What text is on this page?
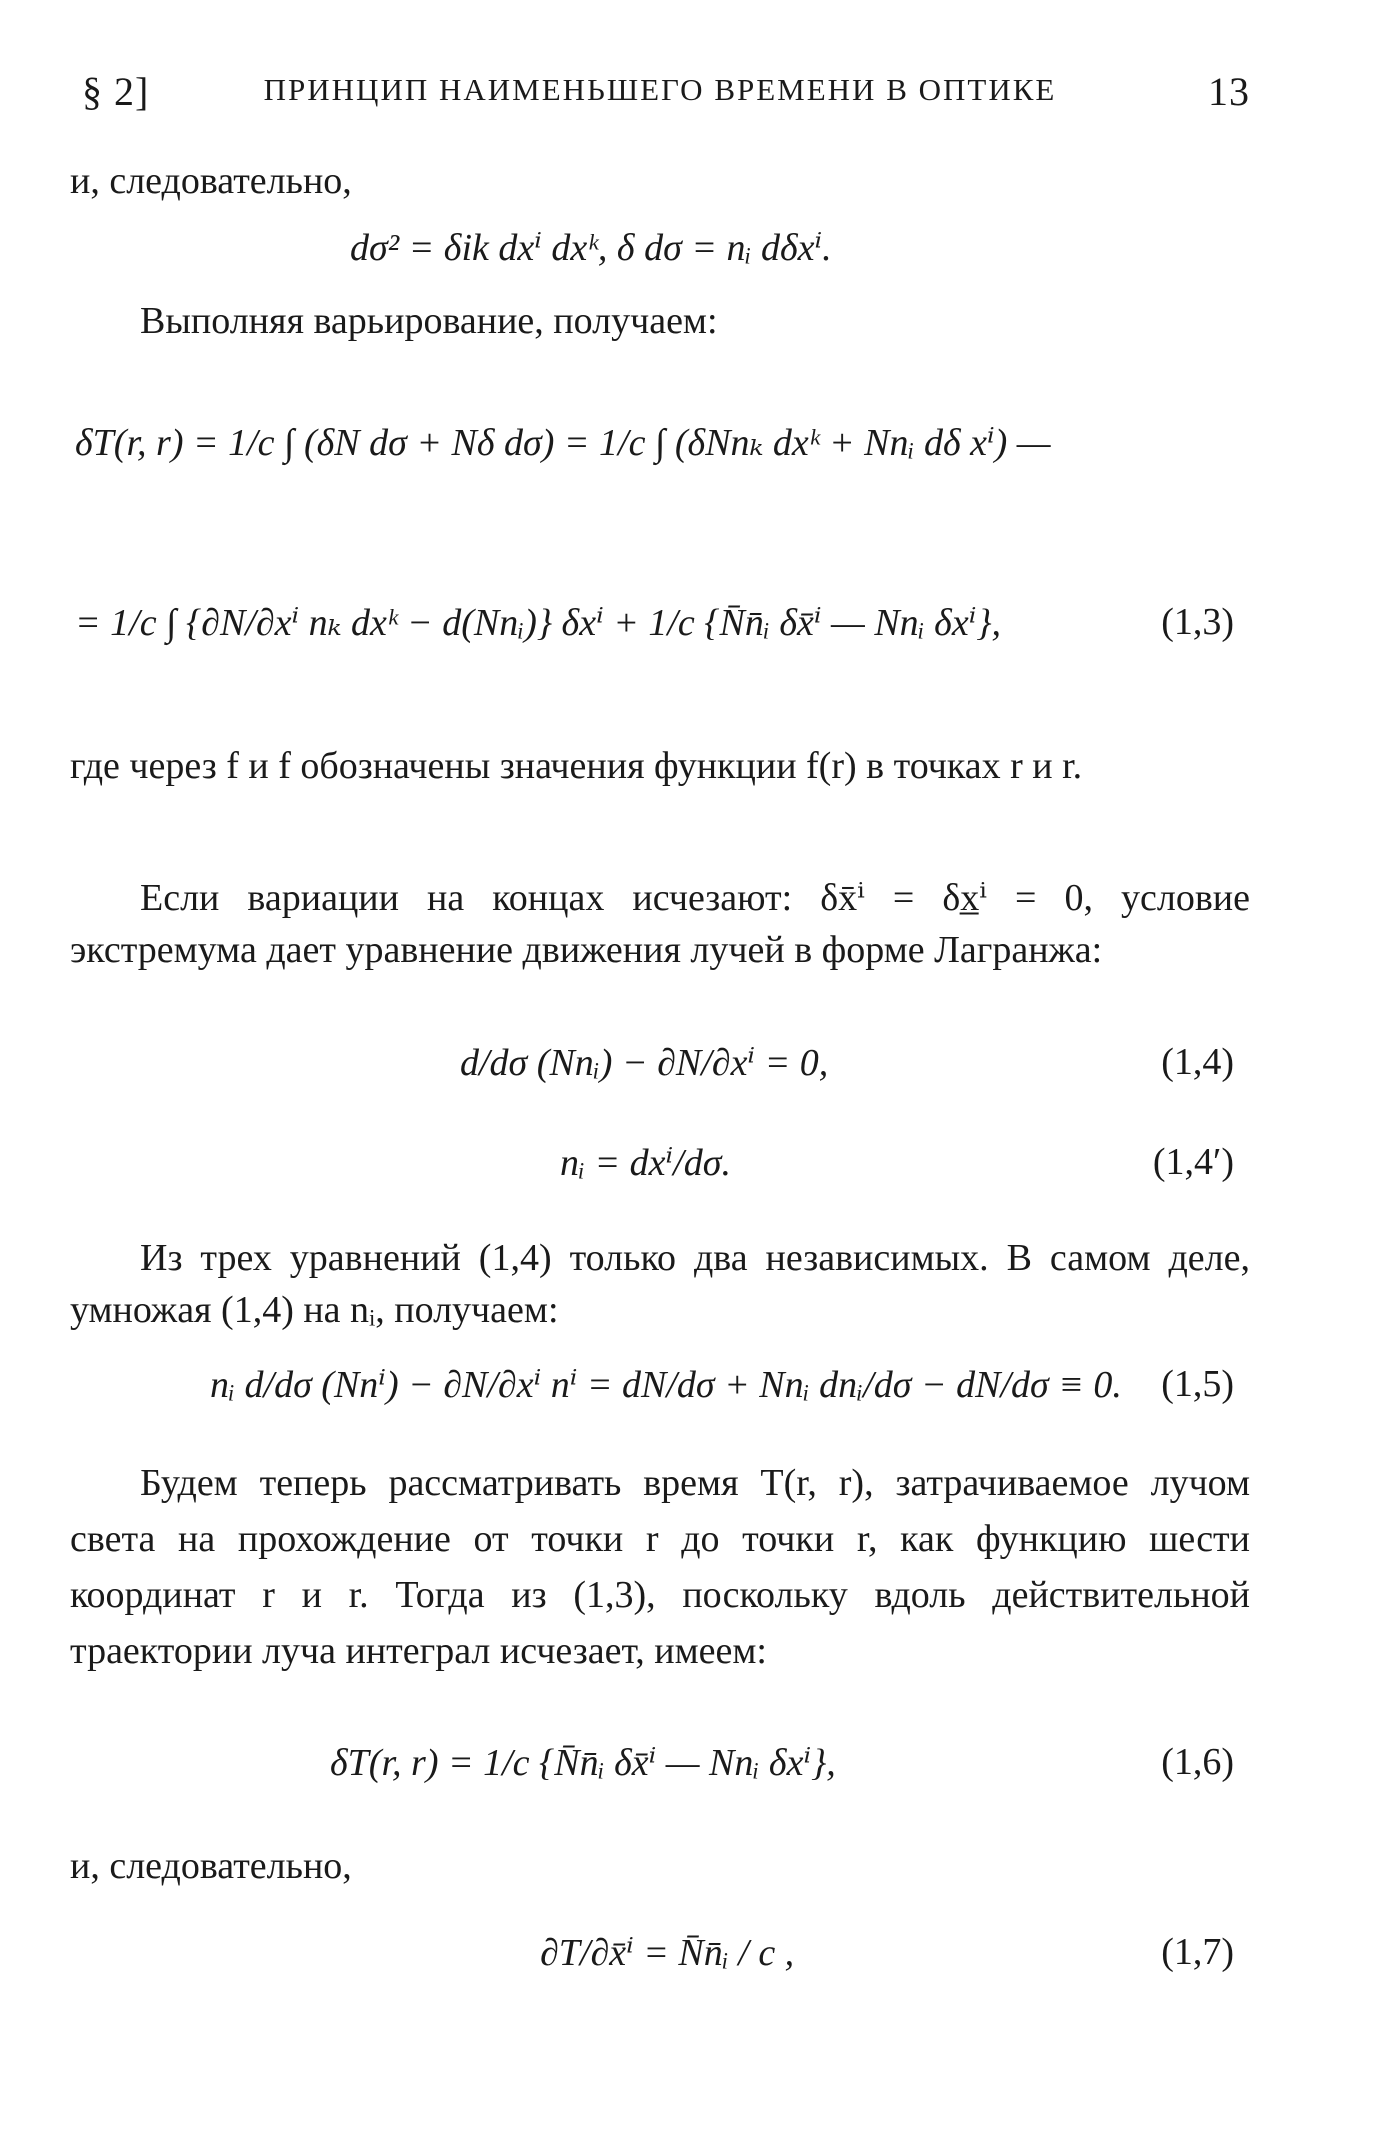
§ 2]	ПРИНЦИП НАИМЕНЬШЕГО ВРЕМЕНИ В ОПТИКЕ	13
и, следовательно,
dσ² = δik dxⁱ dxᵏ, δ dσ = nᵢ dδxⁱ.
Выполняя варьирование, получаем:
δT(r, r) = 1/c ∫ (δN dσ + Nδ dσ) = 1/c ∫ (δNnₖ dxᵏ + Nnᵢ dδ xⁱ) —
= 1/c ∫ {∂N/∂xⁱ nₖ dxᵏ − d(Nnᵢ)} δxⁱ + 1/c {N̄n̄ᵢ δx̄ⁱ — Nnᵢ δxⁱ},	(1,3)
где через f и f обозначены значения функции f(r) в точках r и r.
Если вариации на концах исчезают: δx̄ⁱ = δx̲ⁱ = 0, условие экстремума дает уравнение движения лучей в форме Лагранжа:
d/dσ (Nnᵢ) − ∂N/∂xⁱ = 0,	(1,4)
nᵢ = dxⁱ/dσ.	(1,4′)
Из трех уравнений (1,4) только два независимых. В самом деле, умножая (1,4) на nᵢ, получаем:
nᵢ d/dσ (Nnⁱ) − ∂N/∂xⁱ nⁱ = dN/dσ + Nnᵢ dnᵢ/dσ − dN/dσ ≡ 0. (1,5)
Будем теперь рассматривать время T(r, r), затрачиваемое лучом света на прохождение от точки r до точки r, как функцию шести координат r и r. Тогда из (1,3), поскольку вдоль действительной траектории луча интеграл исчезает, имеем:
δT(r, r) = 1/c {N̄n̄ᵢ δx̄ⁱ — Nnᵢ δxⁱ},	(1,6)
и, следовательно,
∂T/∂x̄ⁱ = N̄n̄ᵢ / c ,	(1,7)
